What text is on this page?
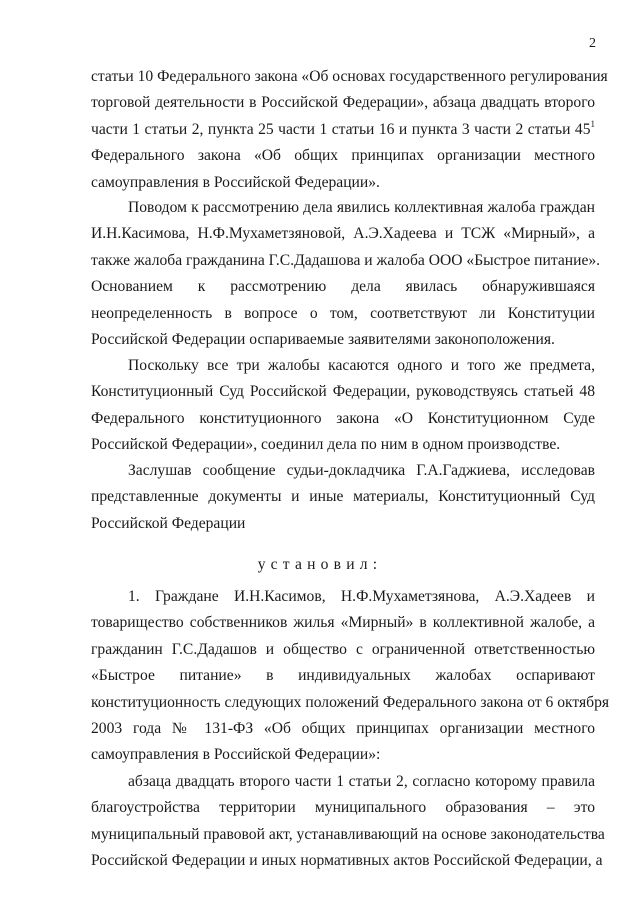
2
статьи 10 Федерального закона «Об основах государственного регулирования
торговой деятельности в Российской Федерации», абзаца двадцать второго
части 1 статьи 2, пункта 25 части 1 статьи 16 и пункта 3 части 2 статьи $45^1$
Федерального закона «Об общих принципах организации местного
самоуправления в Российской Федерации».
Поводом к рассмотрению дела явились коллективная жалоба граждан
И.Н.Касимова, Н.Ф.Мухаметзяновой, А.Э.Хадеева и ТСЖ «Мирный», а
также жалоба гражданина Г.С.Дадашова и жалоба ООО «Быстрое питание».
Основанием к рассмотрению дела явилась обнаружившаяся
неопределенность в вопросе о том, соответствуют ли Конституции
Российской Федерации оспариваемые заявителями законоположения.
Поскольку все три жалобы касаются одного и того же предмета,
Конституционный Суд Российской Федерации, руководствуясь статьей 48
Федерального конституционного закона «О Конституционном Суде
Российской Федерации», соединил дела по ним в одном производстве.
Заслушав сообщение судьи-докладчика Г.А.Гаджиева, исследовав
представленные документы и иные материалы, Конституционный Суд
Российской Федерации
установил:
1. Граждане И.Н.Касимов, Н.Ф.Мухаметзянова, А.Э.Хадеев и
товарищество собственников жилья «Мирный» в коллективной жалобе, а
гражданин Г.С.Дадашов и общество с ограниченной ответственностью
«Быстрое питание» в индивидуальных жалобах оспаривают
конституционность следующих положений Федерального закона от 6 октября
2003 года № 131-ФЗ «Об общих принципах организации местного
самоуправления в Российской Федерации»:
абзаца двадцать второго части 1 статьи 2, согласно которому правила
благоустройства территории муниципального образования – это
муниципальный правовой акт, устанавливающий на основе законодательства
Российской Федерации и иных нормативных актов Российской Федерации, а
